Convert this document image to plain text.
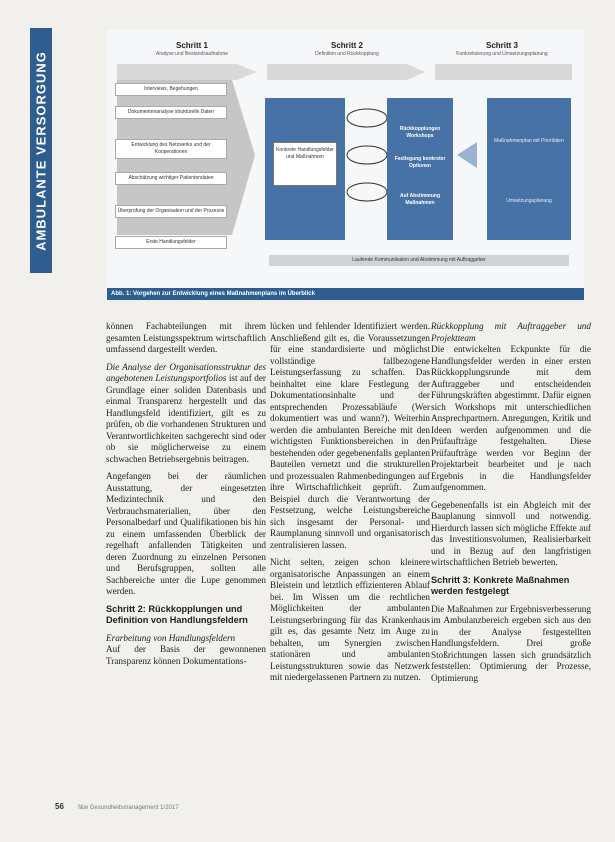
AMBULANTE VERSORGUNG
Schritt 1
Analyse und Bestandsaufnahme
Schritt 2
Definition und Rückkopplung
Schritt 3
Konkretisierung und Umsetzungsplanung
Interviews, Begehungen
Dokumentenanalyse strukturelle Daten
Entwicklung des Netzwerks und der Kooperationen
Abschätzung wichtiger Patientendaten
Überprüfung der Organisation und der Prozesse
Erste Handlungsfelder
Konkrete Handlungsfelder und Maßnahmen
Rückkopplungen Workshops
Festlegung konkreter Optionen
Auf Abstimmung Maßnahmen
Maßnahmenplan mit Prioritäten
Umsetzungsplanung
Laufende Kommunikation und Abstimmung mit Auftraggeber
Abb. 1: Vorgehen zur Entwicklung eines Maßnahmenplans im Überblick

können Fachabteilungen mit ihrem gesamten Leistungsspektrum wirtschaftlich umfassend dargestellt werden.

Die Analyse der Organisationsstruktur des angebotenen Leistungsportfolios ist auf der Grundlage einer soliden Datenbasis und einmal Transparenz hergestellt und das Handlungsfeld identifiziert, gilt es zu prüfen, ob die vorhandenen Strukturen und Verantwortlichkeiten sachgerecht sind oder ob sie möglicherweise zu einem schwachen Betriebsergebnis beitragen.

Angefangen bei der räumlichen Ausstattung, der eingesetzten Medizintechnik und den Verbrauchsmaterialien, über den Personalbedarf und Qualifikationen bis hin zu einem umfassenden Überblick der regelhaft anfallenden Tätigkeiten und deren Zuordnung zu einzelnen Personen und Berufsgruppen, sollten alle Sachbereiche unter die Lupe genommen werden.

Schritt 2: Rückkopplungen und Definition von Handlungsfeldern

Erarbeitung von Handlungsfeldern

Auf der Basis der gewonnenen Transparenz können Dokumentations-

lücken und fehlender Identifiziert werden. Anschließend gilt es, die Voraussetzungen für eine standardisierte und möglichst vollständige fallbezogene Leistungserfassung zu schaffen. Das beinhaltet eine klare Festlegung der Dokumentationsinhalte und der entsprechenden Prozessabläufe (Wer dokumentiert was und wann?). Weiterhin werden die ambulanten Bereiche mit den wichtigsten Funktionsbereichen in den bestehenden oder gegebenenfalls geplanten Bauteilen vernetzt und die strukturellen und prozessualen Rahmenbedingungen auf ihre Wirtschaftlichkeit geprüft. Zum Beispiel durch die Verantwortung der Festsetzung, welche Leistungsbereiche sich insgesamt der Personal- und Raumplanung sinnvoll und organisatorisch zentralisieren lassen.

Nicht selten, zeigen schon kleinere organisatorische Anpassungen an einem Bleistein und letztlich effizienteren Ablauf bei. Im Wissen um die rechtlichen Möglichkeiten der ambulanten Leistungserbringung für das Krankenhaus gilt es, das gesamte Netz im Auge zu behalten, um Synergien zwischen stationären und ambulanten Leistungsstrukturen sowie das Netzwerk mit niedergelassenen Partnern zu nutzen.

Rückkopplung mit Auftraggeber und Projektteam

Die entwickelten Eckpunkte für die Handlungsfelder werden in einer ersten Rückkopplungsrunde mit dem Auftraggeber und entscheidenden Führungskräften abgestimmt. Dafür eignen sich Workshops mit unterschiedlichen Ansprechpartnern. Anregungen, Kritik und Ideen werden aufgenommen und die Prüfaufträge festgehalten. Diese Prüfaufträge werden vor Beginn der Projektarbeit bearbeitet und je nach Ergebnis in die Handlungsfelder aufgenommen.

Gegebenenfalls ist ein Abgleich mit der Bauplanung sinnvoll und notwendig. Hierdurch lassen sich mögliche Effekte auf das Investitionsvolumen, Realisierbarkeit und in Bezug auf den langfristigen wirtschaftlichen Betrieb bewerten.

Schritt 3: Konkrete Maßnahmen werden festgelegt

Die Maßnahmen zur Ergebnisverbesserung im Ambulanzbereich ergeben sich aus den in der Analyse festgestellten Handlungsfeldern. Drei große Stoßrichtungen lassen sich grundsätzlich feststellen: Optimierung der Prozesse, Optimierung

56 f&w Gesundheitsmanagement 1/2017
